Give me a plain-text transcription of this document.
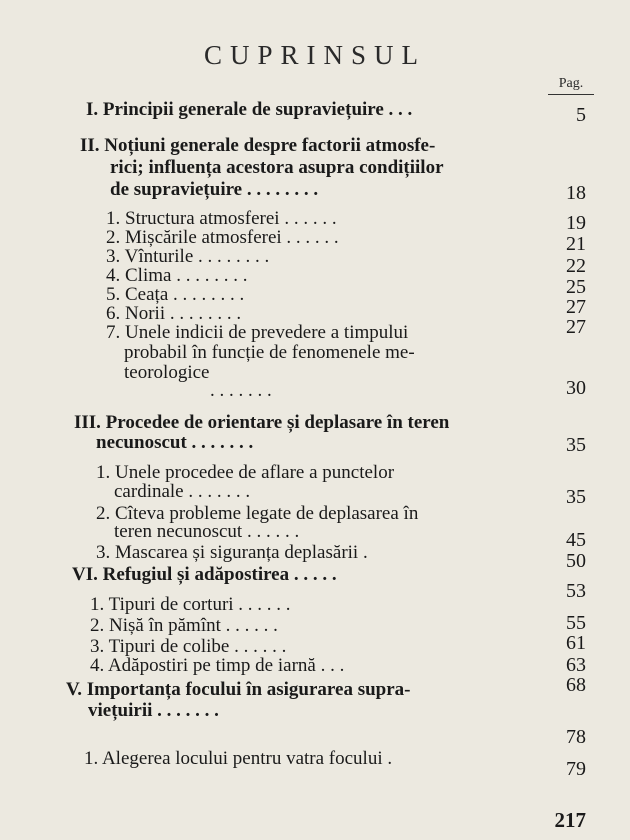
CUPRINSUL
Pag.
I. Principii generale de supraviețuire . . .
II. Noțiuni generale despre factorii atmosfe-
rici; influența acestora asupra condițiilor
de supraviețuire . . . . . . . .
1. Structura atmosferei . . . . . .
2. Mișcările atmosferei . . . . . .
3. Vînturile . . . . . . . .
4. Clima . . . . . . . .
5. Ceața . . . . . . . .
6. Norii . . . . . . . .
7. Unele indicii de prevedere a timpului
probabil în funcție de fenomenele me-
teorologice
. . . . . . .
III. Procedee de orientare și deplasare în teren
necunoscut . . . . . . .
1. Unele procedee de aflare a punctelor
cardinale . . . . . . .
2. Cîteva probleme legate de deplasarea în
teren necunoscut . . . . . .
3. Mascarea și siguranța deplasării .
VI. Refugiul și adăpostirea . . . . .
1. Tipuri de corturi . . . . . .
2. Nișă în pămînt . . . . . .
3. Tipuri de colibe . . . . . .
4. Adăpostiri pe timp de iarnă . . .
V. Importanța focului în asigurarea supra-
viețuirii . . . . . . .
1. Alegerea locului pentru vatra focului .
5
18
19
21
22
25
27
27
30
35
35
45
50
53
55
61
63
68
78
79
217
